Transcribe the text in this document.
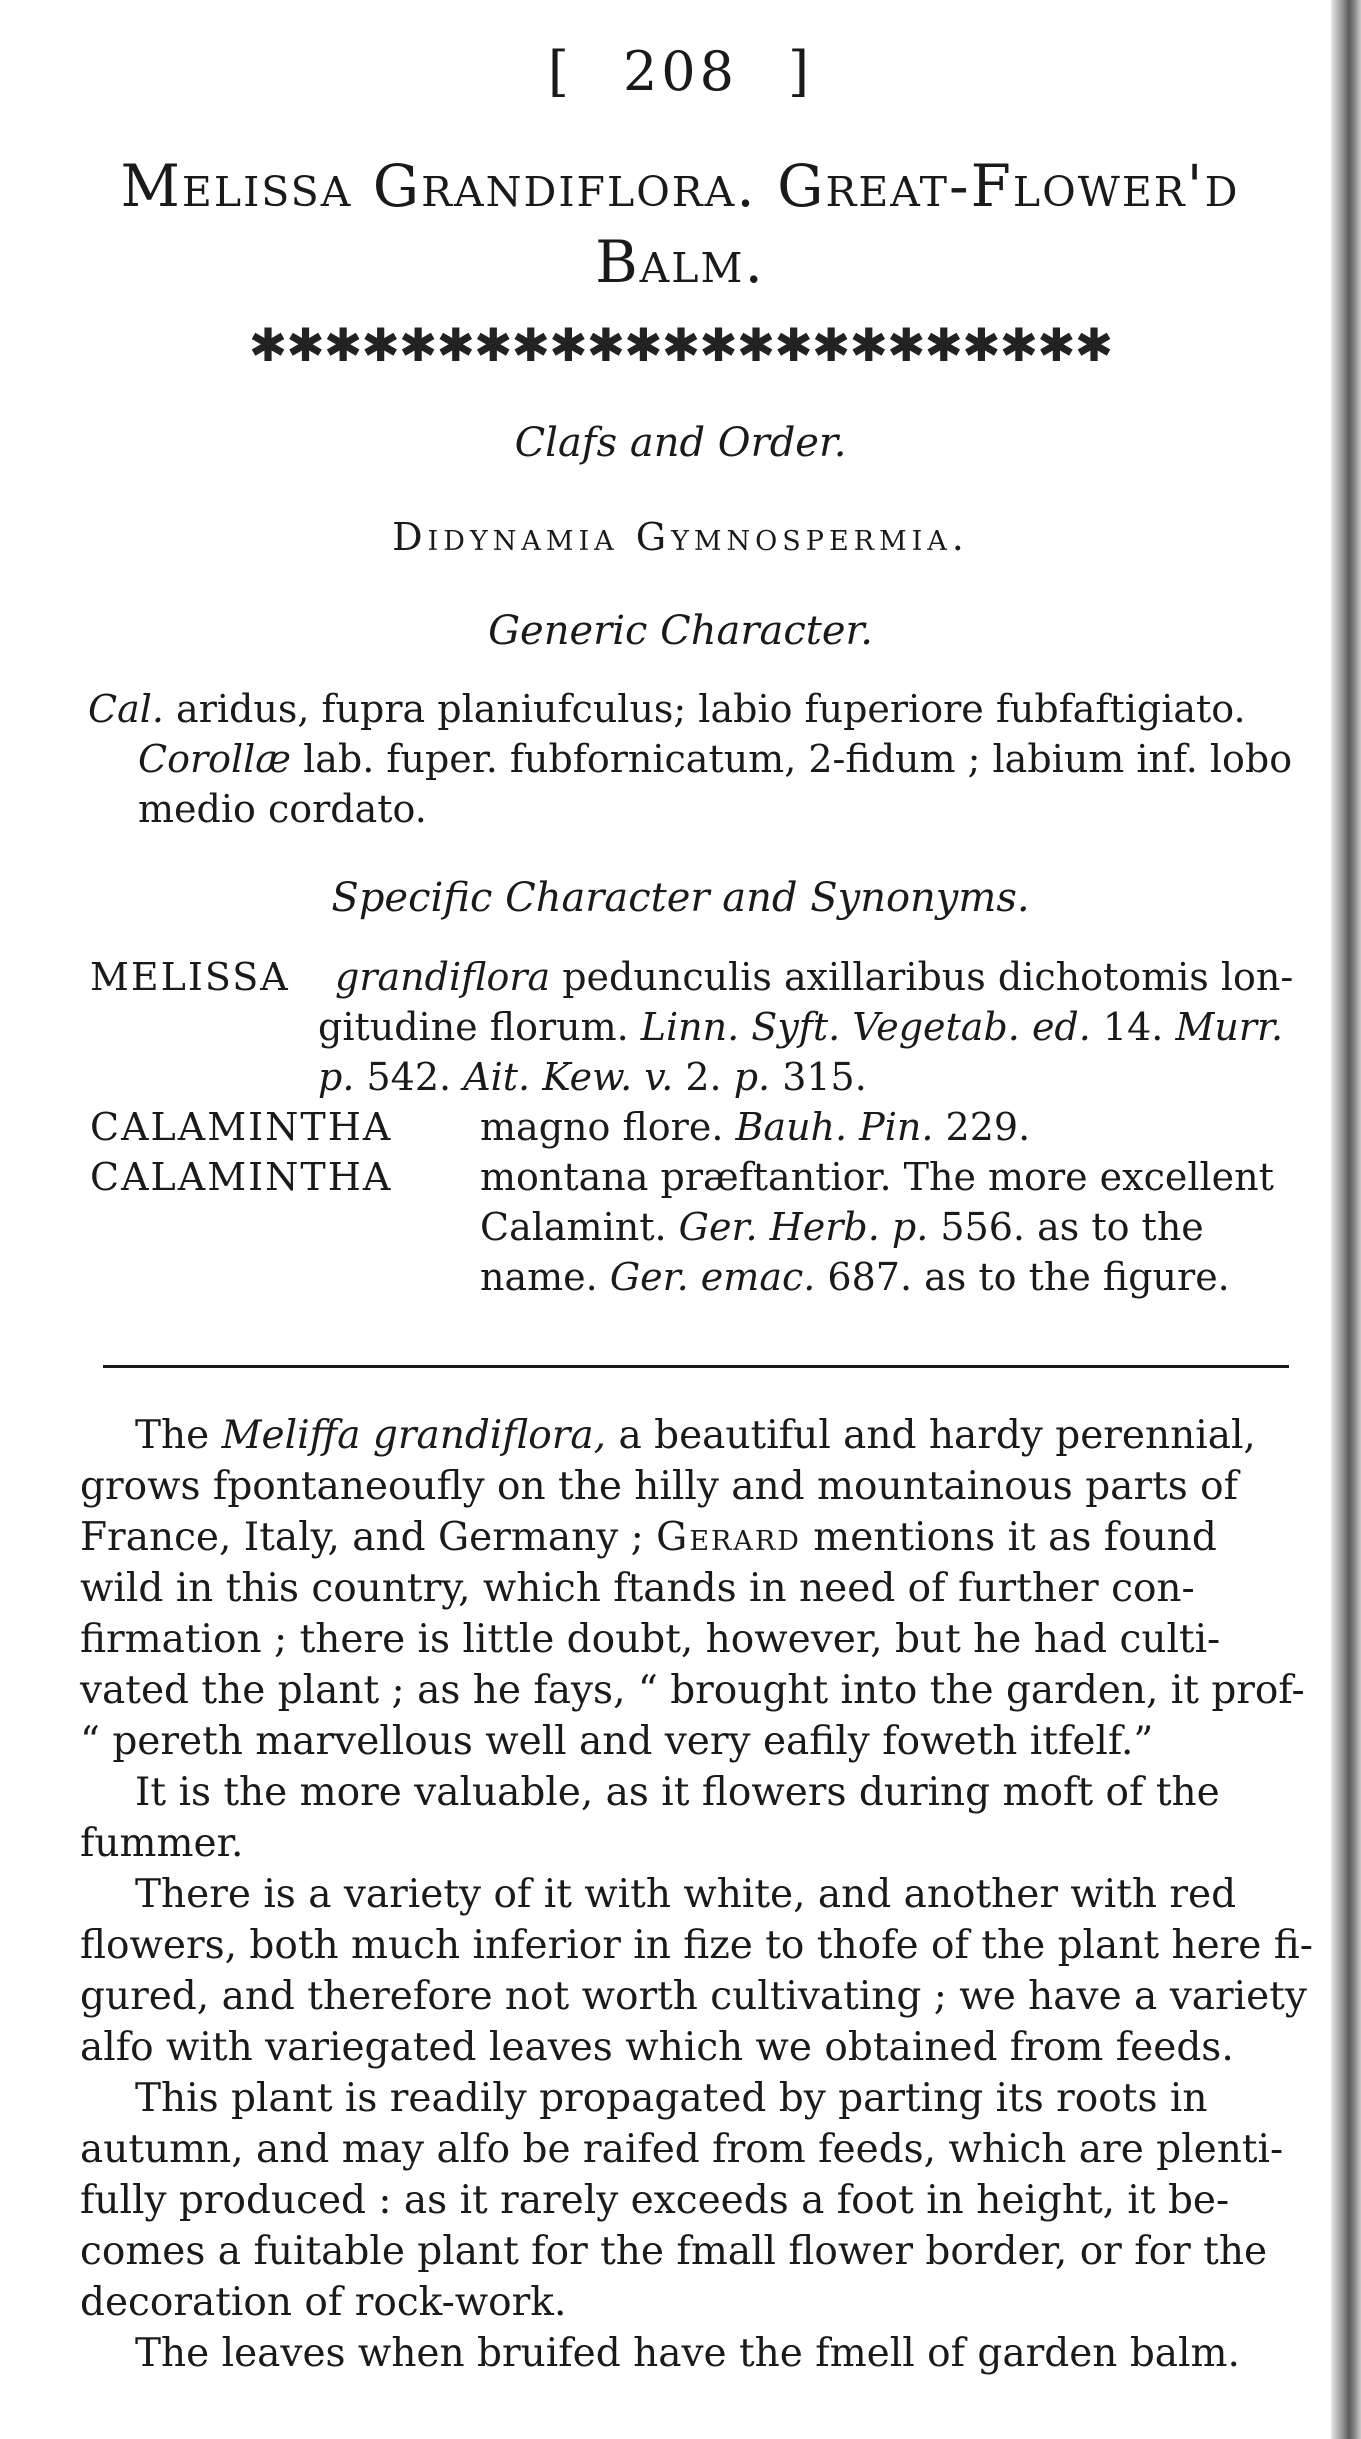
[ 208 ]
Melissa Grandiflora. Great-Flower'd
Balm.
✱✱✱✱✱✱✱✱✱✱✱✱✱✱✱✱✱✱✱✱✱✱✱
Clafs and Order.
Didynamia Gymnospermia.
Generic Character.
Cal. aridus, fupra planiufculus; labio fuperiore fubfaftigiato.
Corollæ lab. fuper. fubfornicatum, 2-fidum ; labium inf. lobo
medio cordato.
Specific Character and Synonyms.
MELISSA grandiflora pedunculis axillaribus dichotomis lon-
gitudine florum. Linn. Syft. Vegetab. ed. 14. Murr.
p. 542. Ait. Kew. v. 2. p. 315.
CALAMINTHA magno flore. Bauh. Pin. 229.
CALAMINTHA montana præftantior. The more excellent
Calamint. Ger. Herb. p. 556. as to the
name. Ger. emac. 687. as to the figure.
The Meliffa grandiflora, a beautiful and hardy perennial,
grows fpontaneoufly on the hilly and mountainous parts of
France, Italy, and Germany ; Gerard mentions it as found
wild in this country, which ftands in need of further con-
firmation ; there is little doubt, however, but he had culti-
vated the plant ; as he fays, “ brought into the garden, it prof-
“ pereth marvellous well and very eafily foweth itfelf.”
It is the more valuable, as it flowers during moft of the
fummer.
There is a variety of it with white, and another with red
flowers, both much inferior in fize to thofe of the plant here fi-
gured, and therefore not worth cultivating ; we have a variety
alfo with variegated leaves which we obtained from feeds.
This plant is readily propagated by parting its roots in
autumn, and may alfo be raifed from feeds, which are plenti-
fully produced : as it rarely exceeds a foot in height, it be-
comes a fuitable plant for the fmall flower border, or for the
decoration of rock-work.
The leaves when bruifed have the fmell of garden balm.
